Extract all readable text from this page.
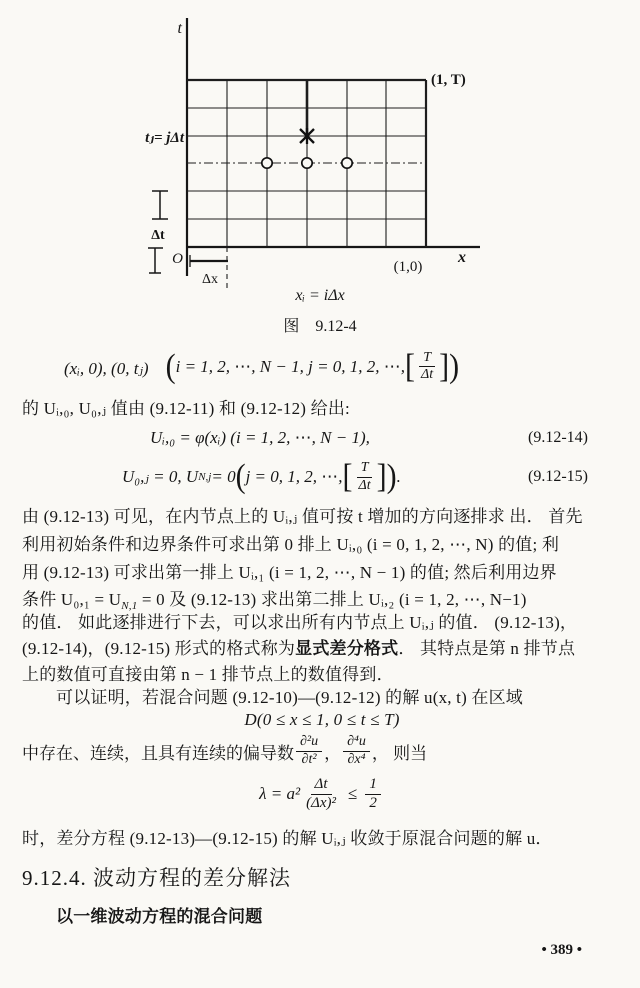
t
x
(1, T)
(1,0)
tⱼ= jΔt
Δt
Δx
O
xᵢ = iΔx
图　9.12-4
(xᵢ, 0), (0, tⱼ)　 ( i = 1, 2, ⋯, N − 1, j = 0, 1, 2, ⋯, [ $\frac{T}{\Delta t}$ ] )
的 Uᵢ,₀, U₀,ⱼ 值由 (9.12-11) 和 (9.12-12) 给出:
Uᵢ,₀ = φ(xᵢ) (i = 1, 2, ⋯, N − 1),	(9.12-14)
U₀,ⱼ = 0, U N,j = 0 ( j = 0, 1, 2, ⋯, [ $\frac{T}{\Delta t}$ ] ) .	(9.12-15)
由 (9.12-13) 可见，在内节点上的 Uᵢ,ⱼ 值可按 t 增加的方向逐排求 出． 首先
利用初始条件和边界条件可求出第 0 排上 Uᵢ,₀ (i = 0, 1, 2, ⋯, N) 的值; 利
用 (9.12-13) 可求出第一排上 Uᵢ,₁ (i = 1, 2, ⋯, N − 1) 的值; 然后利用边界
条件 $U_0,_1 = U_{N,1} = 0$ 及 (9.12-13) 求出第二排上 Uᵢ,₂ (i = 1, 2, ⋯, N−1)
的值． 如此逐排进行下去，可以求出所有内节点上 Uᵢ,ⱼ 的值． (9.12-13)，
(9.12-14)，(9.12-15) 形式的格式称为显式差分格式． 其特点是第 n 排节点
上的数值可直接由第 n − 1 排节点上的数值得到．
可以证明，若混合问题 (9.12-10)—(9.12-12) 的解 u(x, t) 在区域
D(0 ≤ x ≤ 1, 0 ≤ t ≤ T)
中存在、连续，且具有连续的偏导数 $\frac{\text{∂²u}}{\text{∂t²}}$ ， $\frac{\text{∂⁴u}}{\text{∂x⁴}}$ ， 则当
$\lambda = a^2 \frac{\Delta t}{\text{(Δx)²}} \le \frac{1}{2}$
时，差分方程 (9.12-13)—(9.12-15) 的解 Uᵢ,ⱼ 收敛于原混合问题的解 u．
9.12.4. 波动方程的差分解法
以一维波动方程的混合问题
• 389 •
